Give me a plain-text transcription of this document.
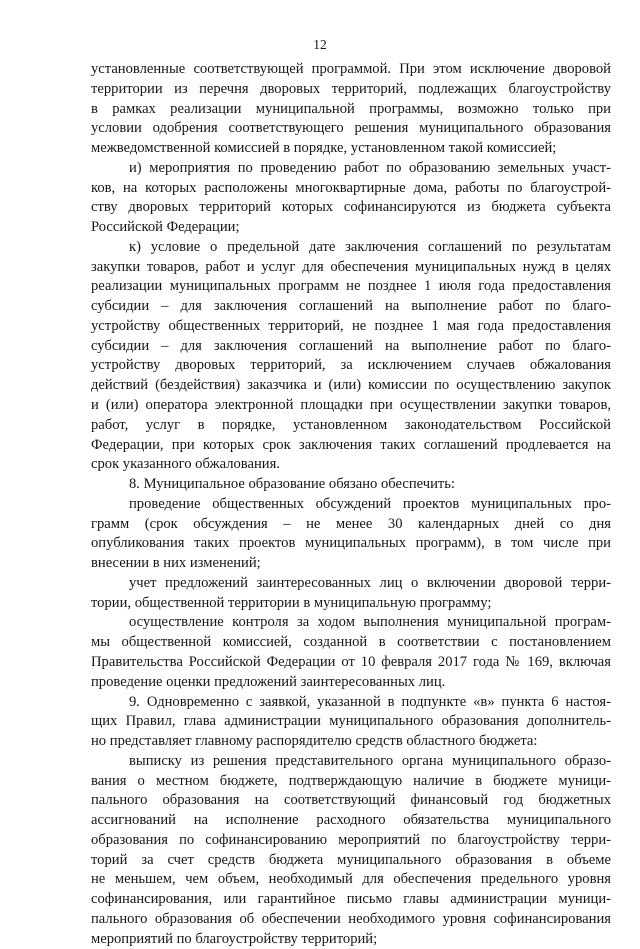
12
установленные соответствующей программой. При этом исключение дворовой
территории из перечня дворовых территорий, подлежащих благоустройству
в рамках реализации муниципальной программы, возможно только при
условии одобрения соответствующего решения муниципального образования
межведомственной комиссией в порядке, установленном такой комиссией;
и) мероприятия по проведению работ по образованию земельных участ-
ков, на которых расположены многоквартирные дома, работы по благоустрой-
ству дворовых территорий которых софинансируются из бюджета субъекта
Российской Федерации;
к) условие о предельной дате заключения соглашений по результатам
закупки товаров, работ и услуг для обеспечения муниципальных нужд в целях
реализации муниципальных программ не позднее 1 июля года предоставления
субсидии – для заключения соглашений на выполнение работ по благо-
устройству общественных территорий, не позднее 1 мая года предоставления
субсидии – для заключения соглашений на выполнение работ по благо-
устройству дворовых территорий, за исключением случаев обжалования
действий (бездействия) заказчика и (или) комиссии по осуществлению закупок
и (или) оператора электронной площадки при осуществлении закупки товаров,
работ, услуг в порядке, установленном законодательством Российской
Федерации, при которых срок заключения таких соглашений продлевается на
срок указанного обжалования.
8. Муниципальное образование обязано обеспечить:
проведение общественных обсуждений проектов муниципальных про-
грамм (срок обсуждения – не менее 30 календарных дней со дня
опубликования таких проектов муниципальных программ), в том числе при
внесении в них изменений;
учет предложений заинтересованных лиц о включении дворовой терри-
тории, общественной территории в муниципальную программу;
осуществление контроля за ходом выполнения муниципальной програм-
мы общественной комиссией, созданной в соответствии с постановлением
Правительства Российской Федерации от 10 февраля 2017 года № 169, включая
проведение оценки предложений заинтересованных лиц.
9. Одновременно с заявкой, указанной в подпункте «в» пункта 6 настоя-
щих Правил, глава администрации муниципального образования дополнитель-
но представляет главному распорядителю средств областного бюджета:
выписку из решения представительного органа муниципального образо-
вания о местном бюджете, подтверждающую наличие в бюджете муници-
пального образования на соответствующий финансовый год бюджетных
ассигнований на исполнение расходного обязательства муниципального
образования по софинансированию мероприятий по благоустройству терри-
торий за счет средств бюджета муниципального образования в объеме
не меньшем, чем объем, необходимый для обеспечения предельного уровня
софинансирования, или гарантийное письмо главы администрации муници-
пального образования об обеспечении необходимого уровня софинансирования
мероприятий по благоустройству территорий;
